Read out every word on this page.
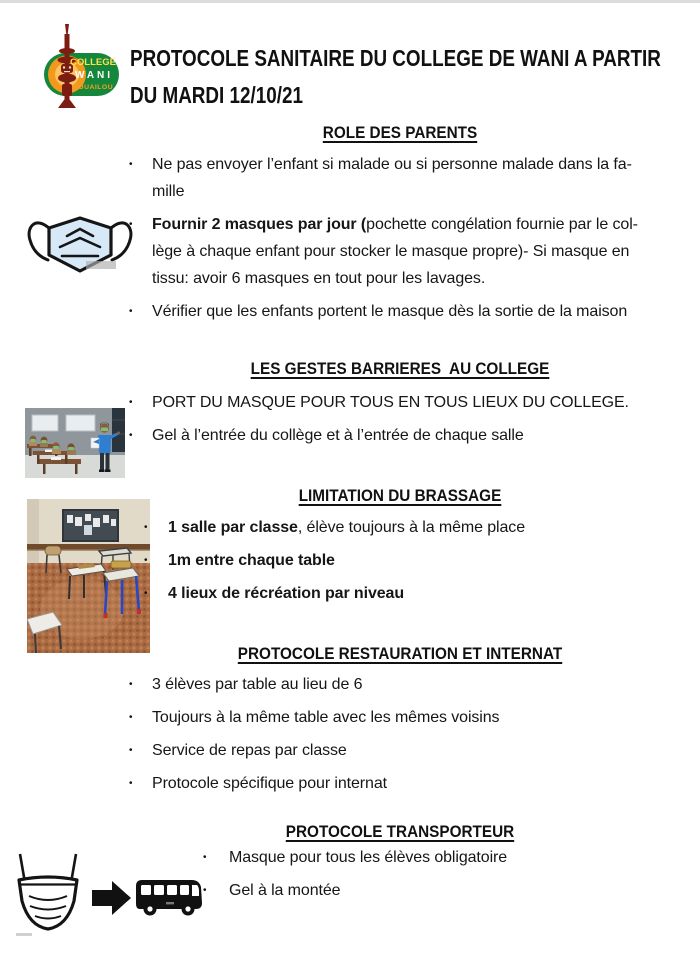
COLLEGE
WANI
HOUAILOU
PROTOCOLE SANITAIRE DU COLLEGE DE WANI A PARTIR
DU MARDI 12/10/21
ROLE DES PARENTS
• Ne pas envoyer l’enfant si malade ou si personne malade dans la fa-
mille
• Fournir 2 masques par jour (pochette congélation fournie par le col-
lège à chaque enfant pour stocker le masque propre)- Si masque en
tissu: avoir 6 masques en tout pour les lavages.
• Vérifier que les enfants portent le masque dès la sortie de la maison
LES GESTES BARRIERES  AU COLLEGE
• PORT DU MASQUE POUR TOUS EN TOUS LIEUX DU COLLEGE.
• Gel à l’entrée du collège et à l’entrée de chaque salle
LIMITATION DU BRASSAGE
• 1 salle par classe, élève toujours à la même place
• 1m entre chaque table
• 4 lieux de récréation par niveau
PROTOCOLE RESTAURATION ET INTERNAT
• 3 élèves par table au lieu de 6
• Toujours à la même table avec les mêmes voisins
• Service de repas par classe
• Protocole spécifique pour internat
PROTOCOLE TRANSPORTEUR
• Masque pour tous les élèves obligatoire
• Gel à la montée
